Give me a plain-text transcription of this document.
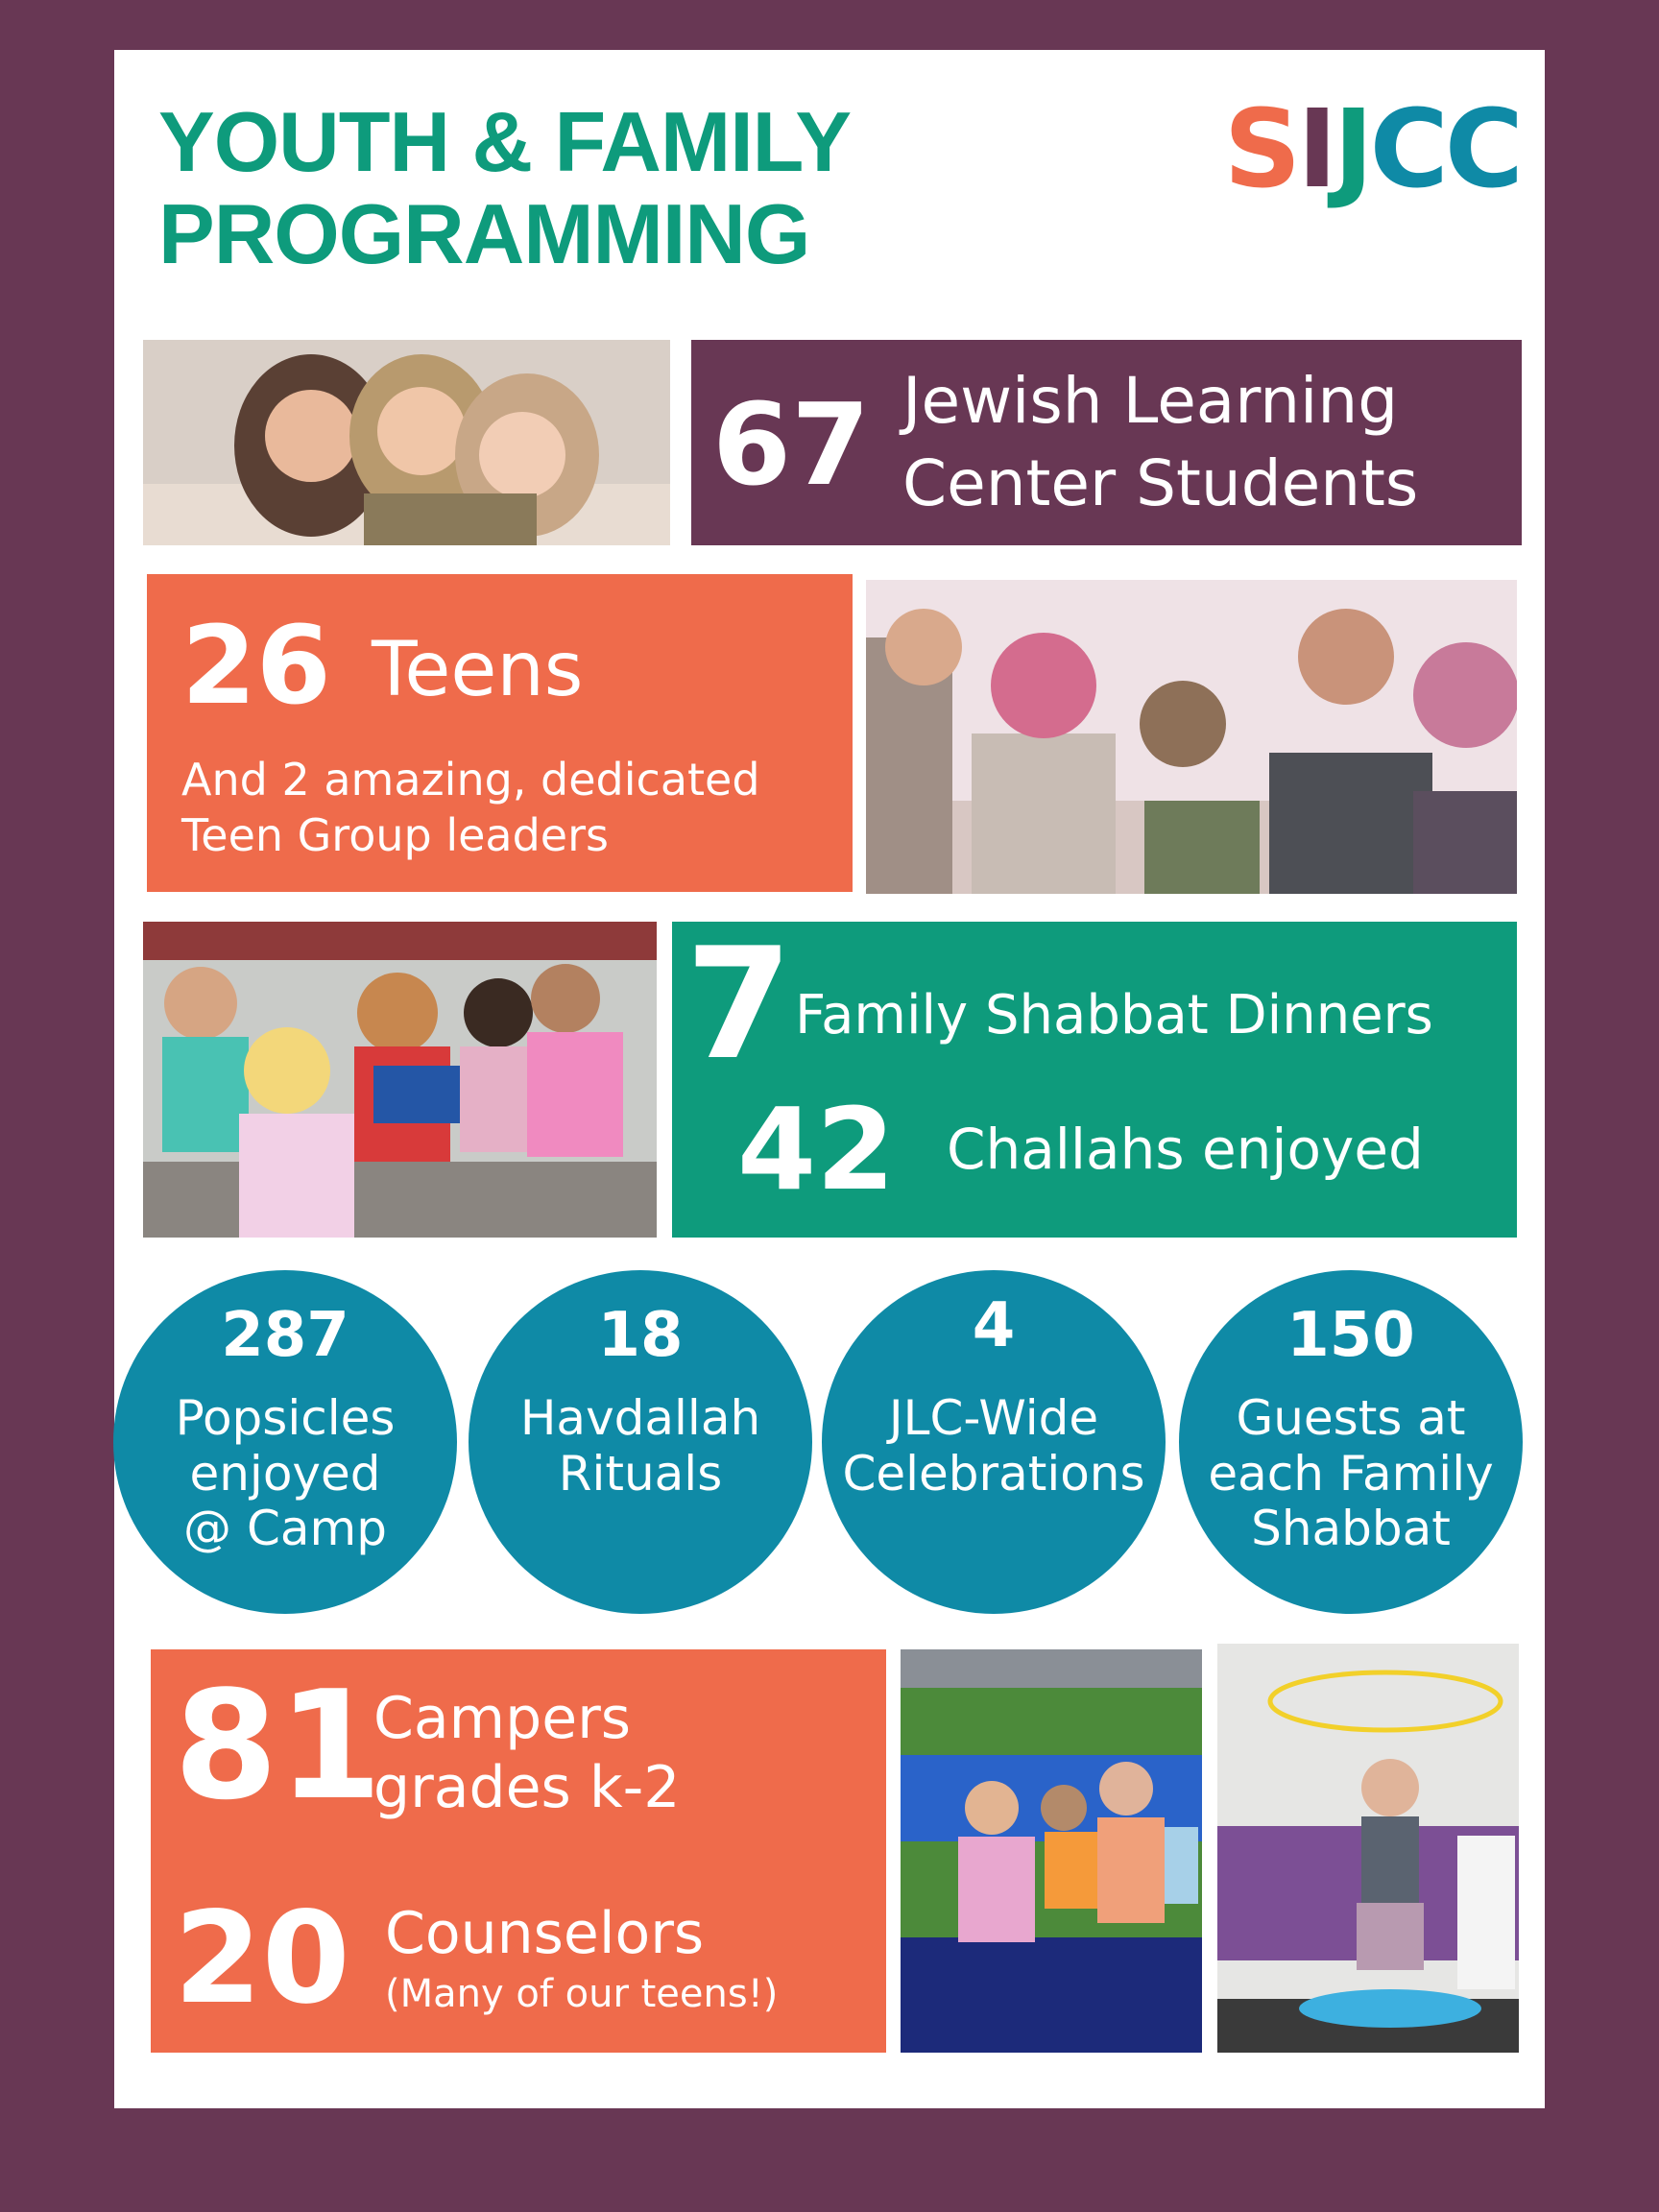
YOUTH & FAMILY
PROGRAMMING
SIJCC
67 Jewish Learning
Center Students
26 Teens
And 2 amazing, dedicated
Teen Group leaders
7 Family Shabbat Dinners
42 Challahs enjoyed
287
Popsicles
enjoyed
@ Camp
18
Havdallah
Rituals
4
JLC-Wide
Celebrations
150
Guests at
each Family
Shabbat
81
Campers
grades k-2
20 Counselors
(Many of our teens!)
